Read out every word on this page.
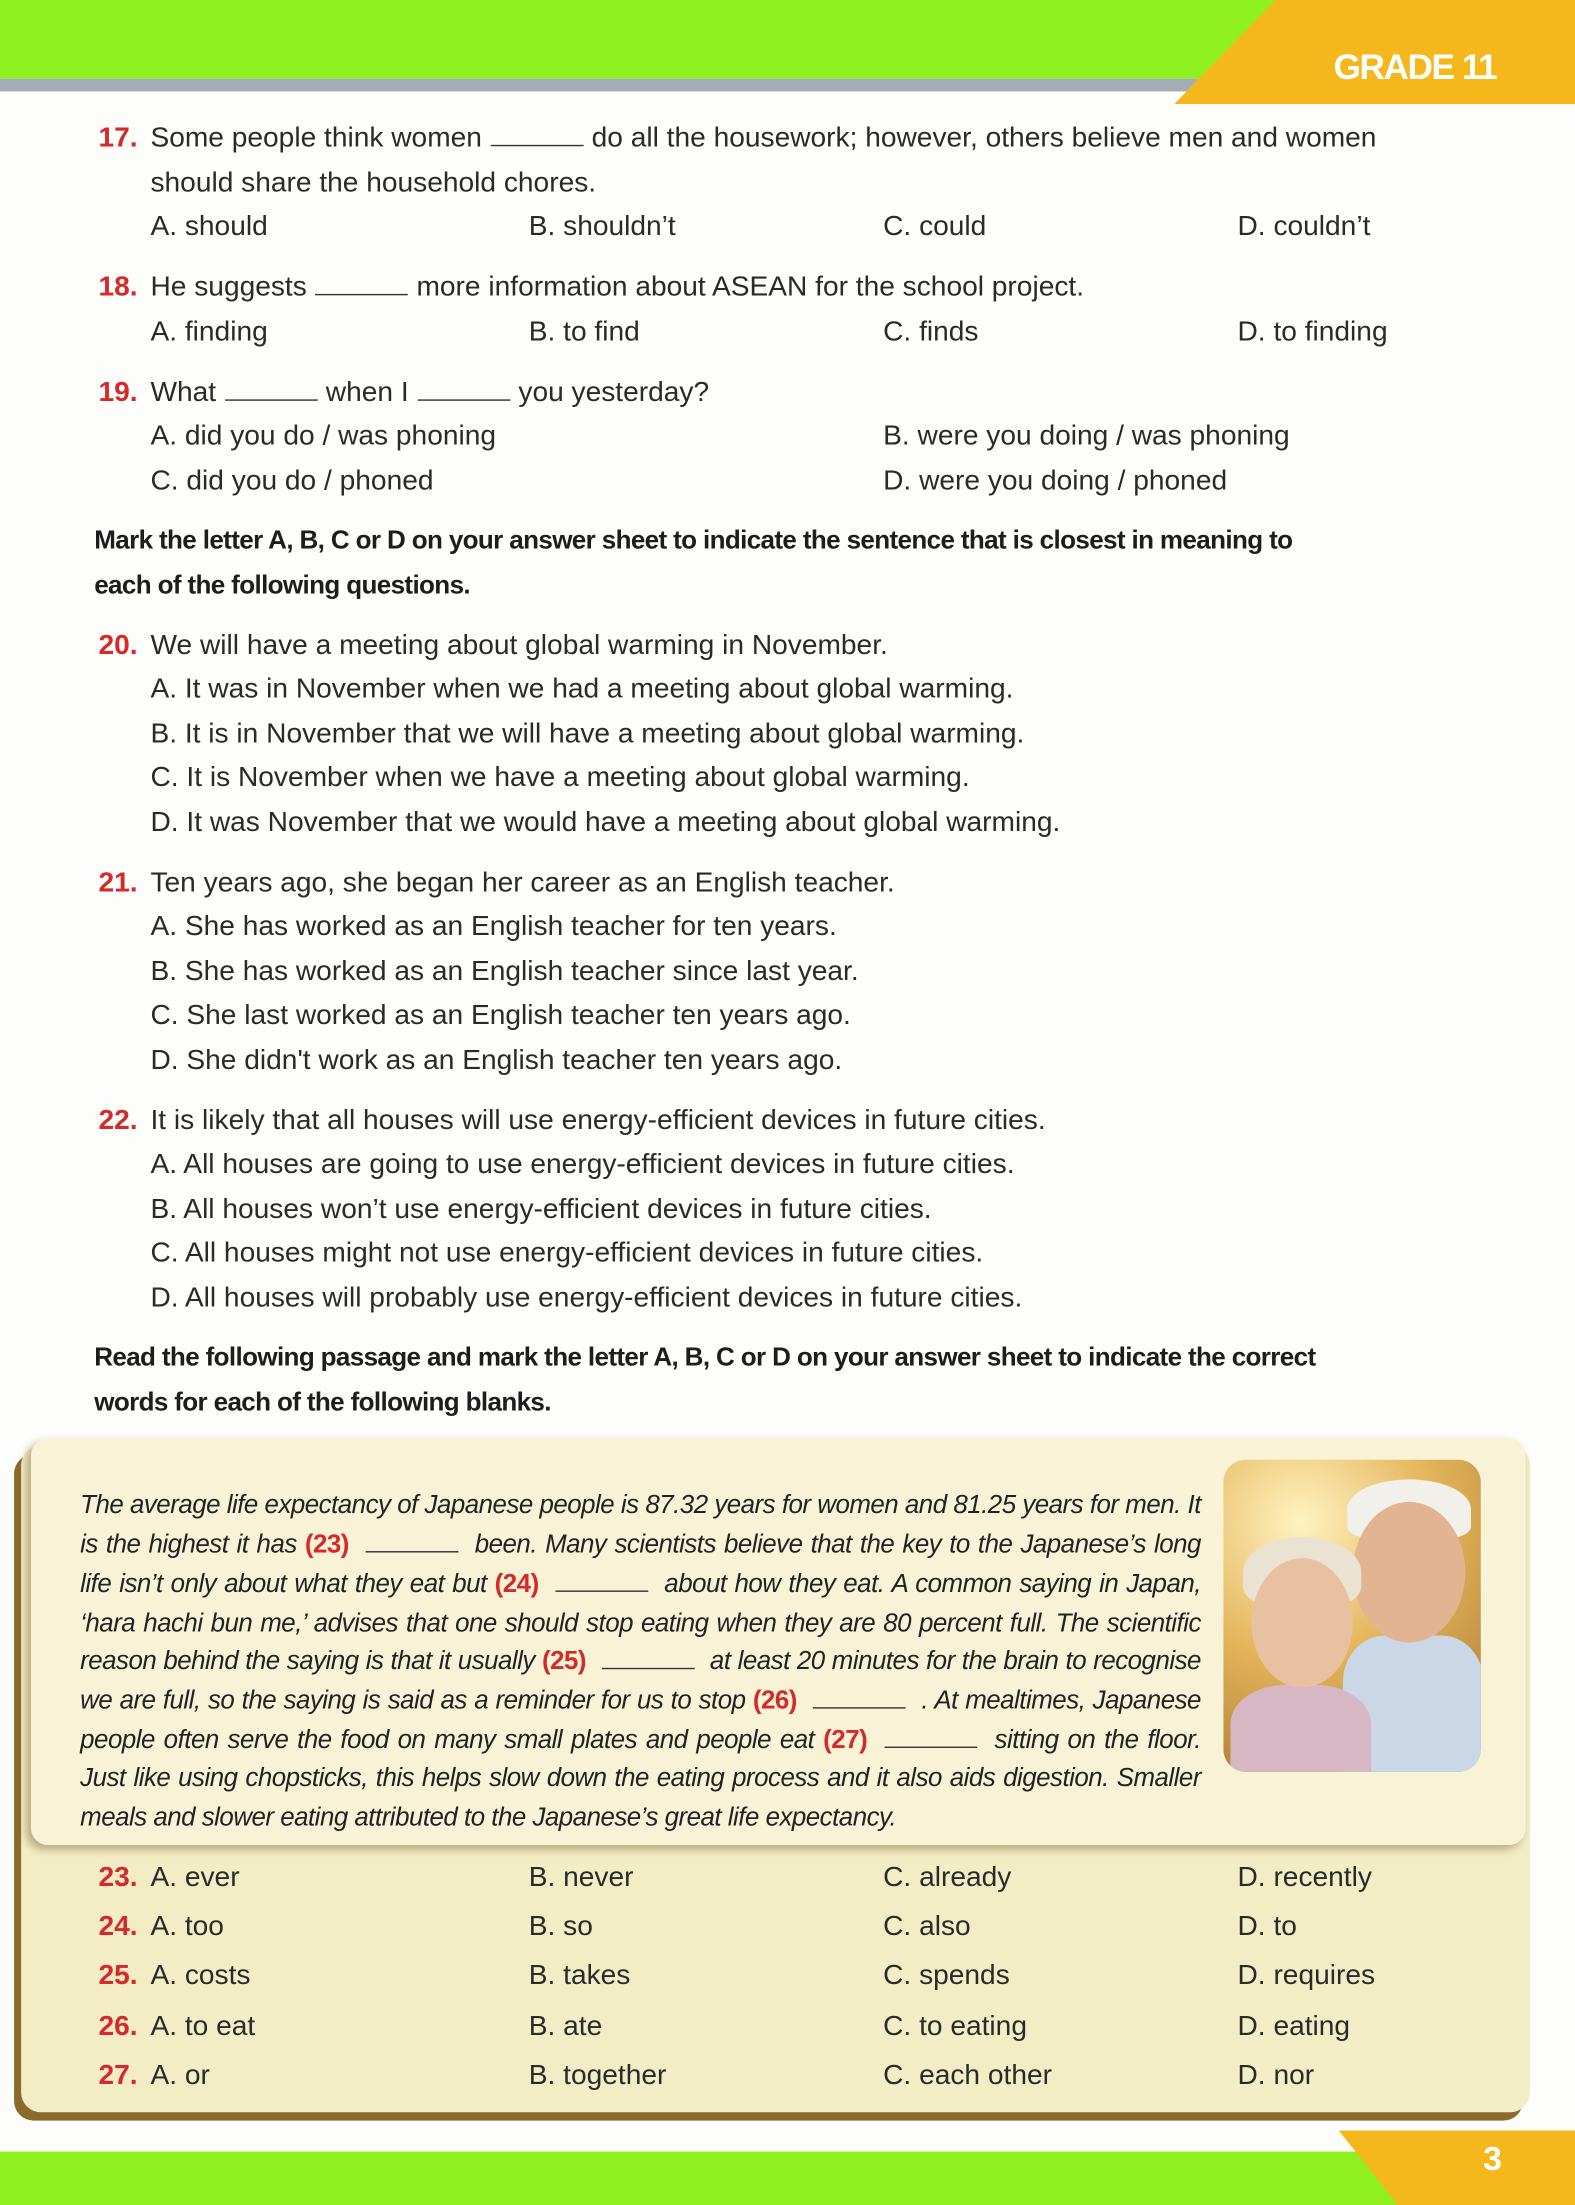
GRADE 11
17. Some people think women	do all the housework; however, others believe men and women
should share the household chores.
A. should	B. shouldn’t	C. could	D. couldn’t
18. He suggests	more information about ASEAN for the school project.
A. finding	B. to find	C. finds	D. to finding
19. What	when I	you yesterday?
A. did you do / was phoning	B. were you doing / was phoning
C. did you do / phoned	D. were you doing / phoned
Mark the letter A, B, C or D on your answer sheet to indicate the sentence that is closest in meaning to
each of the following questions.
20. We will have a meeting about global warming in November.
A. It was in November when we had a meeting about global warming.
B. It is in November that we will have a meeting about global warming.
C. It is November when we have a meeting about global warming.
D. It was November that we would have a meeting about global warming.
21. Ten years ago, she began her career as an English teacher.
A. She has worked as an English teacher for ten years.
B. She has worked as an English teacher since last year.
C. She last worked as an English teacher ten years ago.
D. She didn't work as an English teacher ten years ago.
22. It is likely that all houses will use energy-efficient devices in future cities.
A. All houses are going to use energy-efficient devices in future cities.
B. All houses won’t use energy-efficient devices in future cities.
C. All houses might not use energy-efficient devices in future cities.
D. All houses will probably use energy-efficient devices in future cities.
Read the following passage and mark the letter A, B, C or D on your answer sheet to indicate the correct
words for each of the following blanks.

The average life expectancy of Japanese people is 87.32 years for women and 81.25 years for men. It is the highest it has (23)	been. Many scientists believe that the key to the Japanese’s long life isn’t only about what they eat but (24)	about how they eat. A common saying in Japan, ‘hara hachi bun me,’ advises that one should stop eating when they are 80 percent full. The scientific reason behind the saying is that it usually (25)	at least 20 minutes for the brain to recognise we are full, so the saying is said as a reminder for us to stop (26)	. At mealtimes, Japanese people often serve the food on many small plates and people eat (27)	sitting on the floor. Just like using chopsticks, this helps slow down the eating process and it also aids digestion. Smaller meals and slower eating attributed to the Japanese’s great life expectancy.

23. A. ever	B. never	C. already	D. recently
24. A. too	B. so	C. also	D. to
25. A. costs	B. takes	C. spends	D. requires
26. A. to eat	B. ate	C. to eating	D. eating
27. A. or	B. together	C. each other	D. nor
3
